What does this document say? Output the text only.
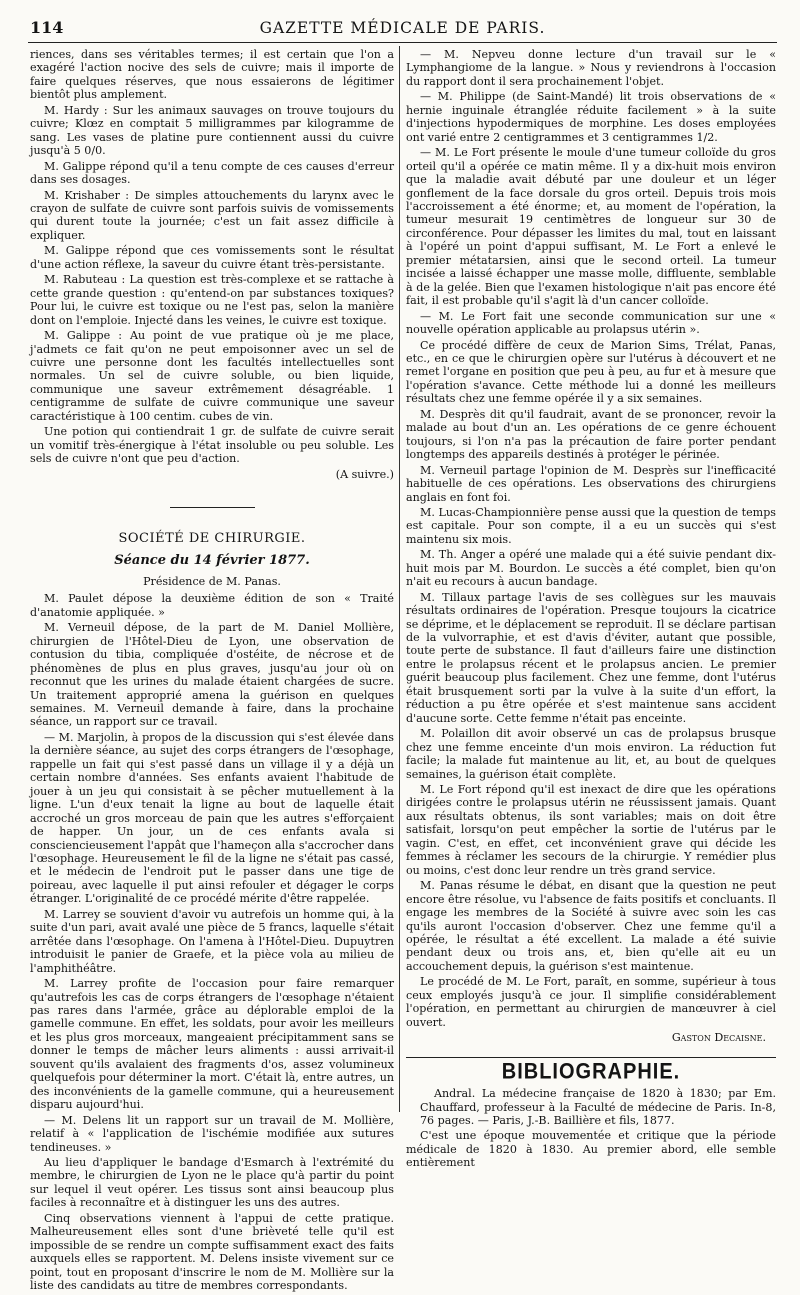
114	GAZETTE MÉDICALE DE PARIS.

riences, dans ses véritables termes; il est certain que l'on a exagéré l'action nocive des sels de cuivre; mais il importe de faire quelques réserves, que nous essaierons de légitimer bientôt plus amplement.

M. Hardy : Sur les animaux sauvages on trouve toujours du cuivre; Klœz en comptait 5 milligrammes par kilogramme de sang. Les vases de platine pure contiennent aussi du cuivre jusqu'à 5 0/0.

M. Galippe répond qu'il a tenu compte de ces causes d'erreur dans ses dosages.

M. Krishaber : De simples attouchements du larynx avec le crayon de sulfate de cuivre sont parfois suivis de vomissements qui durent toute la journée; c'est un fait assez difficile à expliquer.

M. Galippe répond que ces vomissements sont le résultat d'une action réflexe, la saveur du cuivre étant très-persistante.

M. Rabuteau : La question est très-complexe et se rattache à cette grande question : qu'entend-on par substances toxiques? Pour lui, le cuivre est toxique ou ne l'est pas, selon la manière dont on l'emploie. Injecté dans les veines, le cuivre est toxique.

M. Galippe : Au point de vue pratique où je me place, j'admets ce fait qu'on ne peut empoisonner avec un sel de cuivre une personne dont les facultés intellectuelles sont normales. Un sel de cuivre soluble, ou bien liquide, communique une saveur extrêmement désagréable. 1 centigramme de sulfate de cuivre communique une saveur caractéristique à 100 centim. cubes de vin.

Une potion qui contiendrait 1 gr. de sulfate de cuivre serait un vomitif très-énergique à l'état insoluble ou peu soluble. Les sels de cuivre n'ont que peu d'action.

(A suivre.)
SOCIÉTÉ DE CHIRURGIE.
Séance du 14 février 1877.
Présidence de M. Panas.

M. Paulet dépose la deuxième édition de son « Traité d'anatomie appliquée. »

M. Verneuil dépose, de la part de M. Daniel Mollière, chirurgien de l'Hôtel-Dieu de Lyon, une observation de contusion du tibia, compliquée d'ostéite, de nécrose et de phénomènes de plus en plus graves, jusqu'au jour où on reconnut que les urines du malade étaient chargées de sucre. Un traitement approprié amena la guérison en quelques semaines. M. Verneuil demande à faire, dans la prochaine séance, un rapport sur ce travail.

— M. Marjolin, à propos de la discussion qui s'est élevée dans la dernière séance, au sujet des corps étrangers de l'œsophage, rappelle un fait qui s'est passé dans un village il y a déjà un certain nombre d'années. Ses enfants avaient l'habitude de jouer à un jeu qui consistait à se pêcher mutuellement à la ligne. L'un d'eux tenait la ligne au bout de laquelle était accroché un gros morceau de pain que les autres s'efforçaient de happer. Un jour, un de ces enfants avala si consciencieusement l'appât que l'hameçon alla s'accrocher dans l'œsophage. Heureusement le fil de la ligne ne s'était pas cassé, et le médecin de l'endroit put le passer dans une tige de poireau, avec laquelle il put ainsi refouler et dégager le corps étranger. L'originalité de ce procédé mérite d'être rappelée.

M. Larrey se souvient d'avoir vu autrefois un homme qui, à la suite d'un pari, avait avalé une pièce de 5 francs, laquelle s'était arrêtée dans l'œsophage. On l'amena à l'Hôtel-Dieu. Dupuytren introduisit le panier de Graefe, et la pièce vola au milieu de l'amphithéâtre.

M. Larrey profite de l'occasion pour faire remarquer qu'autrefois les cas de corps étrangers de l'œsophage n'étaient pas rares dans l'armée, grâce au déplorable emploi de la gamelle commune. En effet, les soldats, pour avoir les meilleurs et les plus gros morceaux, mangeaient précipitamment sans se donner le temps de mâcher leurs aliments : aussi arrivait-il souvent qu'ils avalaient des fragments d'os, assez volumineux quelquefois pour déterminer la mort. C'était là, entre autres, un des inconvénients de la gamelle commune, qui a heureusement disparu aujourd'hui.

— M. Delens lit un rapport sur un travail de M. Mollière, relatif à « l'application de l'ischémie modifiée aux sutures tendineuses. »

Au lieu d'appliquer le bandage d'Esmarch à l'extrémité du membre, le chirurgien de Lyon ne le place qu'à partir du point sur lequel il veut opérer. Les tissus sont ainsi beaucoup plus faciles à reconnaître et à distinguer les uns des autres.

Cinq observations viennent à l'appui de cette pratique. Malheureusement elles sont d'une brièveté telle qu'il est impossible de se rendre un compte suffisamment exact des faits auxquels elles se rapportent. M. Delens insiste vivement sur ce point, tout en proposant d'inscrire le nom de M. Mollière sur la liste des candidats au titre de membres correspondants.

— M. Nepveu donne lecture d'un travail sur le « Lymphangiome de la langue. » Nous y reviendrons à l'occasion du rapport dont il sera prochainement l'objet.

— M. Philippe (de Saint-Mandé) lit trois observations de « hernie inguinale étranglée réduite facilement » à la suite d'injections hypodermiques de morphine. Les doses employées ont varié entre 2 centigrammes et 3 centigrammes 1/2.

— M. Le Fort présente le moule d'une tumeur colloïde du gros orteil qu'il a opérée ce matin même. Il y a dix-huit mois environ que la maladie avait débuté par une douleur et un léger gonflement de la face dorsale du gros orteil. Depuis trois mois l'accroissement a été énorme; et, au moment de l'opération, la tumeur mesurait 19 centimètres de longueur sur 30 de circonférence. Pour dépasser les limites du mal, tout en laissant à l'opéré un point d'appui suffisant, M. Le Fort a enlevé le premier métatarsien, ainsi que le second orteil. La tumeur incisée a laissé échapper une masse molle, diffluente, semblable à de la gelée. Bien que l'examen histologique n'ait pas encore été fait, il est probable qu'il s'agit là d'un cancer colloïde.

— M. Le Fort fait une seconde communication sur une « nouvelle opération applicable au prolapsus utérin ».

Ce procédé diffère de ceux de Marion Sims, Trélat, Panas, etc., en ce que le chirurgien opère sur l'utérus à découvert et ne remet l'organe en position que peu à peu, au fur et à mesure que l'opération s'avance. Cette méthode lui a donné les meilleurs résultats chez une femme opérée il y a six semaines.

M. Desprès dit qu'il faudrait, avant de se prononcer, revoir la malade au bout d'un an. Les opérations de ce genre échouent toujours, si l'on n'a pas la précaution de faire porter pendant longtemps des appareils destinés à protéger le périnée.

M. Verneuil partage l'opinion de M. Desprès sur l'inefficacité habituelle de ces opérations. Les observations des chirurgiens anglais en font foi.

M. Lucas-Championnière pense aussi que la question de temps est capitale. Pour son compte, il a eu un succès qui s'est maintenu six mois.

M. Th. Anger a opéré une malade qui a été suivie pendant dix-huit mois par M. Bourdon. Le succès a été complet, bien qu'on n'ait eu recours à aucun bandage.

M. Tillaux partage l'avis de ses collègues sur les mauvais résultats ordinaires de l'opération. Presque toujours la cicatrice se déprime, et le déplacement se reproduit. Il se déclare partisan de la vulvorraphie, et est d'avis d'éviter, autant que possible, toute perte de substance. Il faut d'ailleurs faire une distinction entre le prolapsus récent et le prolapsus ancien. Le premier guérit beaucoup plus facilement. Chez une femme, dont l'utérus était brusquement sorti par la vulve à la suite d'un effort, la réduction a pu être opérée et s'est maintenue sans accident d'aucune sorte. Cette femme n'était pas enceinte.

M. Polaillon dit avoir observé un cas de prolapsus brusque chez une femme enceinte d'un mois environ. La réduction fut facile; la malade fut maintenue au lit, et, au bout de quelques semaines, la guérison était complète.

M. Le Fort répond qu'il est inexact de dire que les opérations dirigées contre le prolapsus utérin ne réussissent jamais. Quant aux résultats obtenus, ils sont variables; mais on doit être satisfait, lorsqu'on peut empêcher la sortie de l'utérus par le vagin. C'est, en effet, cet inconvénient grave qui décide les femmes à réclamer les secours de la chirurgie. Y remédier plus ou moins, c'est donc leur rendre un très grand service.

M. Panas résume le débat, en disant que la question ne peut encore être résolue, vu l'absence de faits positifs et concluants. Il engage les membres de la Société à suivre avec soin les cas qu'ils auront l'occasion d'observer. Chez une femme qu'il a opérée, le résultat a été excellent. La malade a été suivie pendant deux ou trois ans, et, bien qu'elle ait eu un accouchement depuis, la guérison s'est maintenue.

Le procédé de M. Le Fort, paraît, en somme, supérieur à tous ceux employés jusqu'à ce jour. Il simplifie considérablement l'opération, en permettant au chirurgien de manœuvrer à ciel ouvert.

Gaston Decaisne.
BIBLIOGRAPHIE.

Andral. La médecine française de 1820 à 1830; par Em. Chauffard, professeur à la Faculté de médecine de Paris. In-8, 76 pages. — Paris, J.-B. Baillière et fils, 1877.

C'est une époque mouvementée et critique que la période médicale de 1820 à 1830. Au premier abord, elle semble entièrement
